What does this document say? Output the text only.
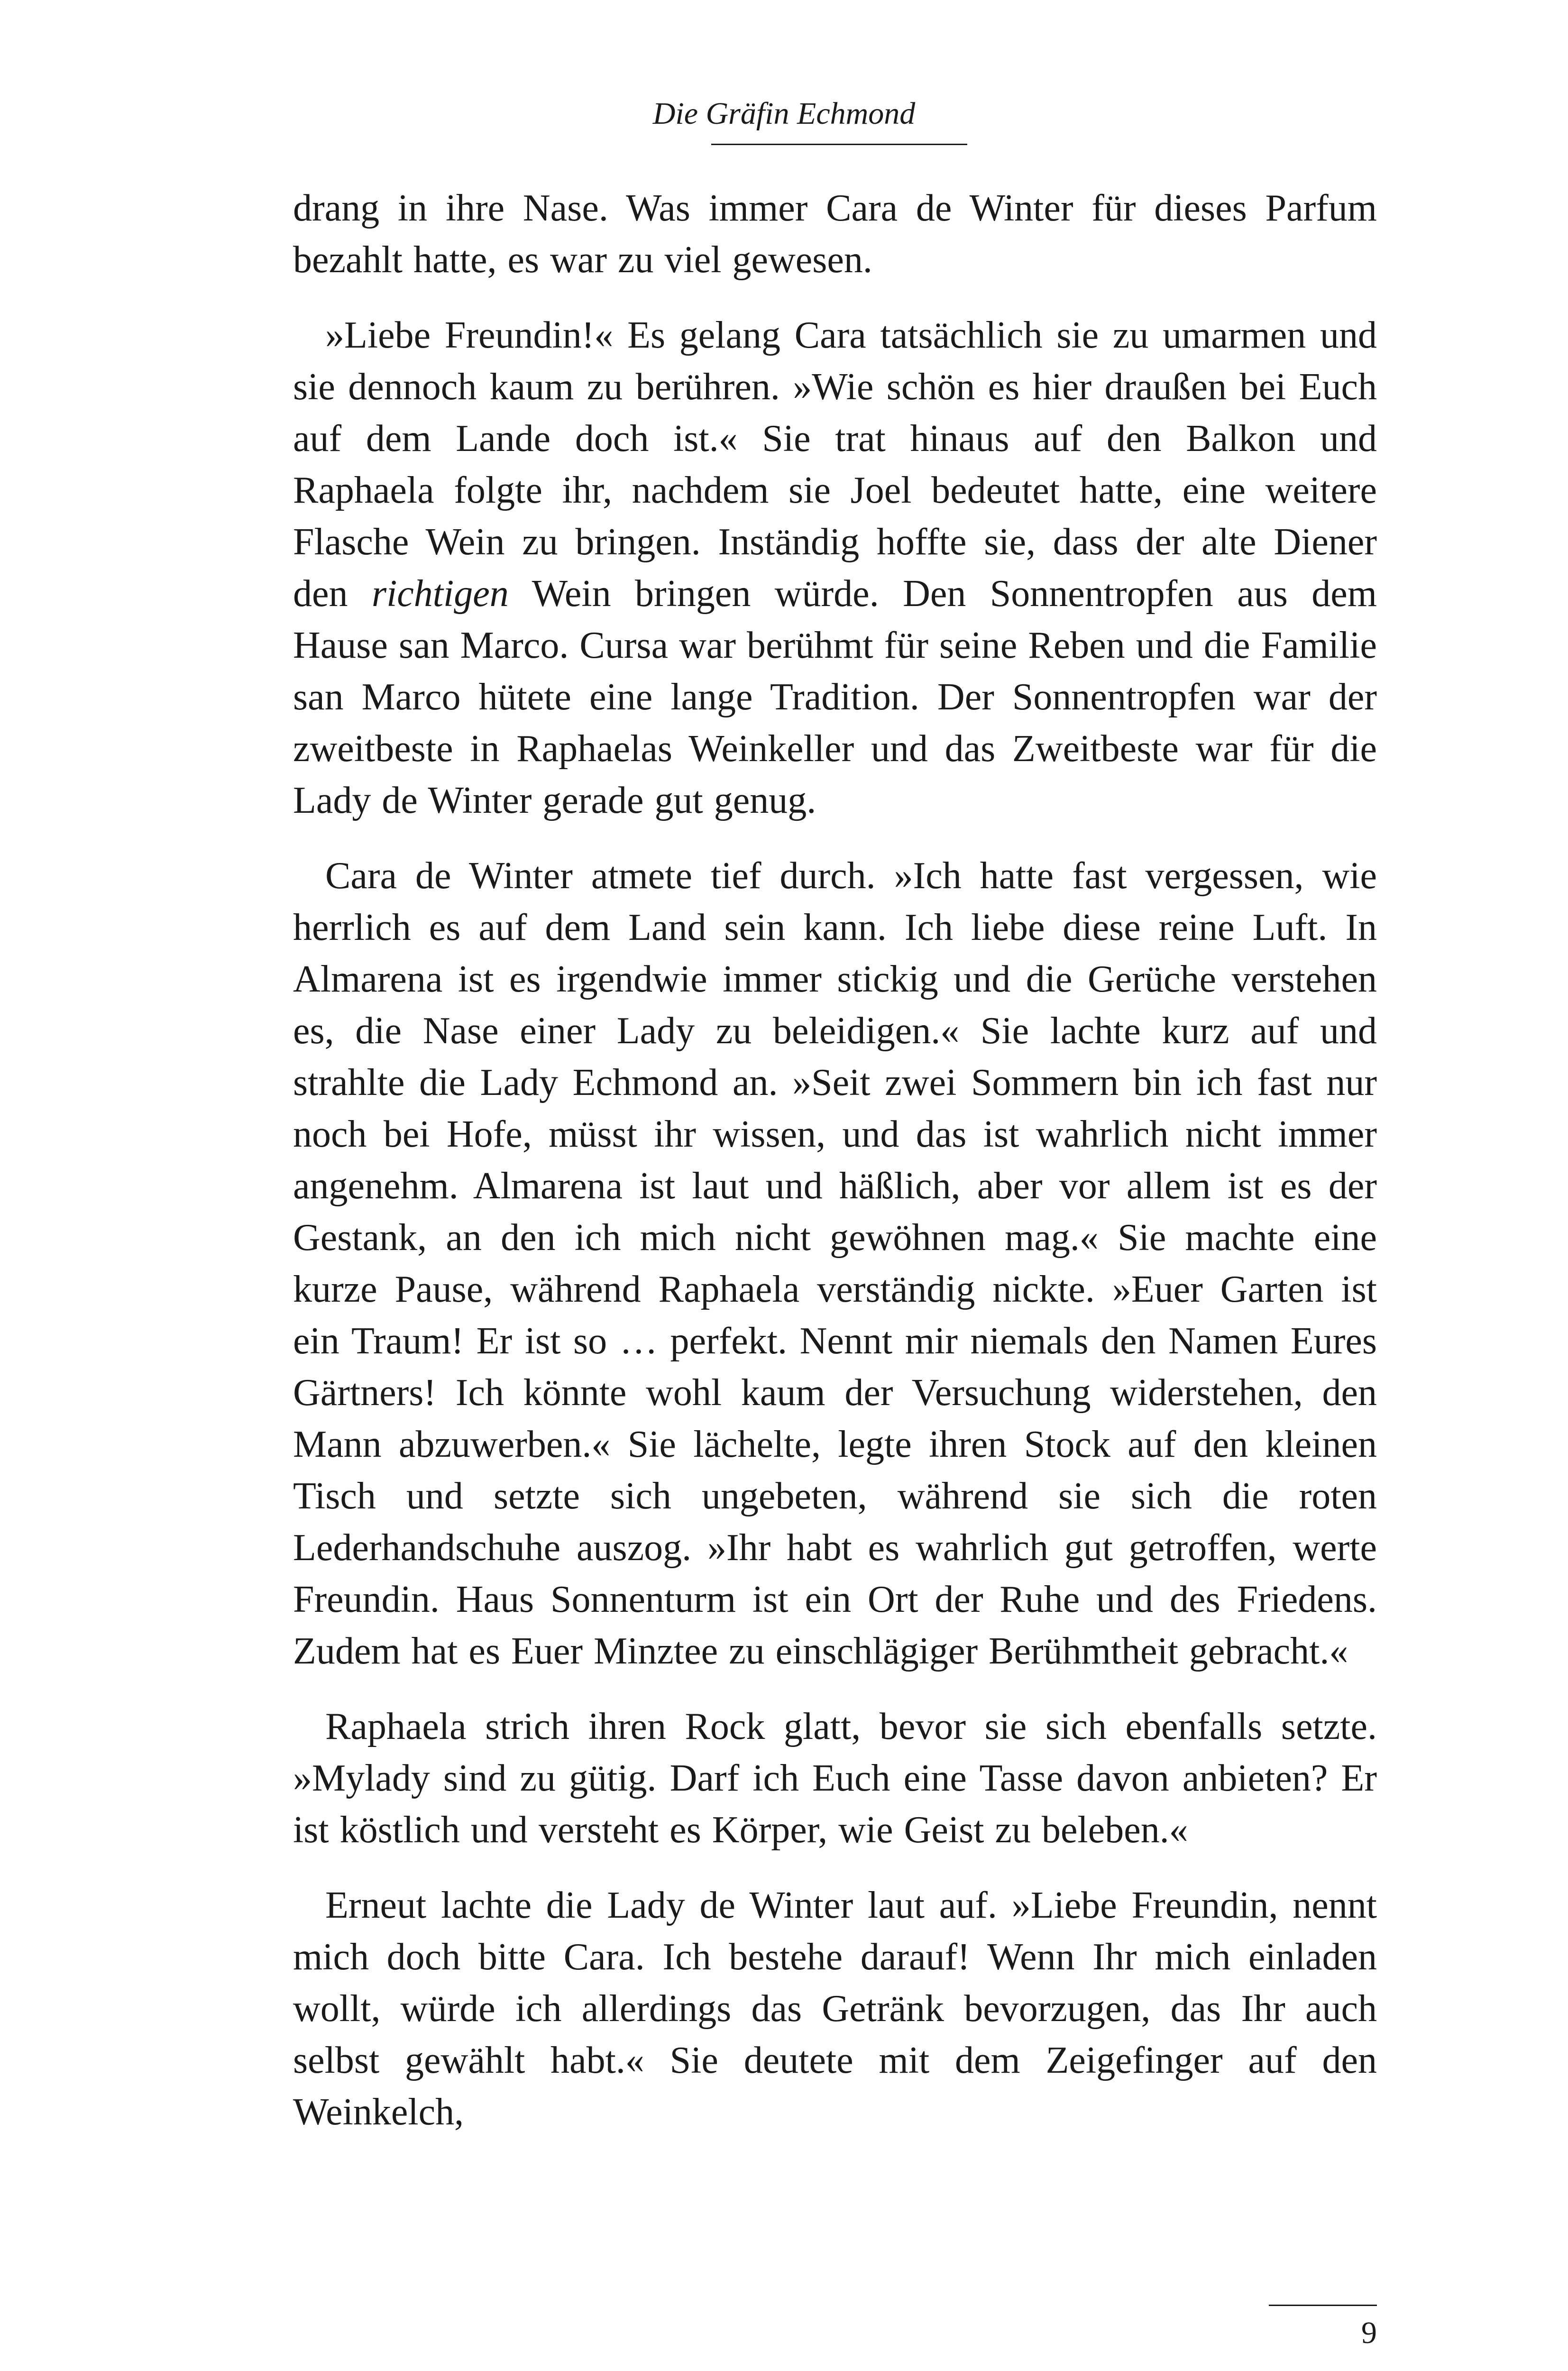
Die Gräfin Echmond

drang in ihre Nase. Was immer Cara de Winter für dieses Parfum bezahlt hatte, es war zu viel gewesen.

»Liebe Freundin!« Es gelang Cara tatsächlich sie zu umarmen und sie dennoch kaum zu berühren. »Wie schön es hier draußen bei Euch auf dem Lande doch ist.« Sie trat hinaus auf den Balkon und Raphaela folgte ihr, nachdem sie Joel bedeutet hatte, eine weitere Flasche Wein zu bringen. Inständig hoffte sie, dass der alte Diener den richtigen Wein bringen würde. Den Sonnentropfen aus dem Hause san Marco. Cursa war berühmt für seine Reben und die Familie san Marco hütete eine lange Tradition. Der Sonnentropfen war der zweitbeste in Raphaelas Weinkeller und das Zweitbeste war für die Lady de Winter gerade gut genug.

Cara de Winter atmete tief durch. »Ich hatte fast vergessen, wie herrlich es auf dem Land sein kann. Ich liebe diese reine Luft. In Almarena ist es irgendwie immer stickig und die Gerüche verstehen es, die Nase einer Lady zu beleidigen.« Sie lachte kurz auf und strahlte die Lady Echmond an. »Seit zwei Sommern bin ich fast nur noch bei Hofe, müsst ihr wissen, und das ist wahrlich nicht immer angenehm. Almarena ist laut und häßlich, aber vor allem ist es der Gestank, an den ich mich nicht gewöhnen mag.« Sie machte eine kurze Pause, während Raphaela verständig nickte. »Euer Garten ist ein Traum! Er ist so … perfekt. Nennt mir niemals den Namen Eures Gärtners! Ich könnte wohl kaum der Versuchung widerstehen, den Mann abzuwerben.« Sie lächelte, legte ihren Stock auf den kleinen Tisch und setzte sich ungebeten, während sie sich die roten Lederhandschuhe auszog. »Ihr habt es wahrlich gut getroffen, werte Freundin. Haus Sonnenturm ist ein Ort der Ruhe und des Friedens. Zudem hat es Euer Minztee zu einschlägiger Berühmtheit gebracht.«

Raphaela strich ihren Rock glatt, bevor sie sich ebenfalls setzte. »Mylady sind zu gütig. Darf ich Euch eine Tasse davon anbieten? Er ist köstlich und versteht es Körper, wie Geist zu beleben.«

Erneut lachte die Lady de Winter laut auf. »Liebe Freundin, nennt mich doch bitte Cara. Ich bestehe darauf! Wenn Ihr mich einladen wollt, würde ich allerdings das Getränk bevorzugen, das Ihr auch selbst gewählt habt.« Sie deutete mit dem Zeigefinger auf den Weinkelch,

9
